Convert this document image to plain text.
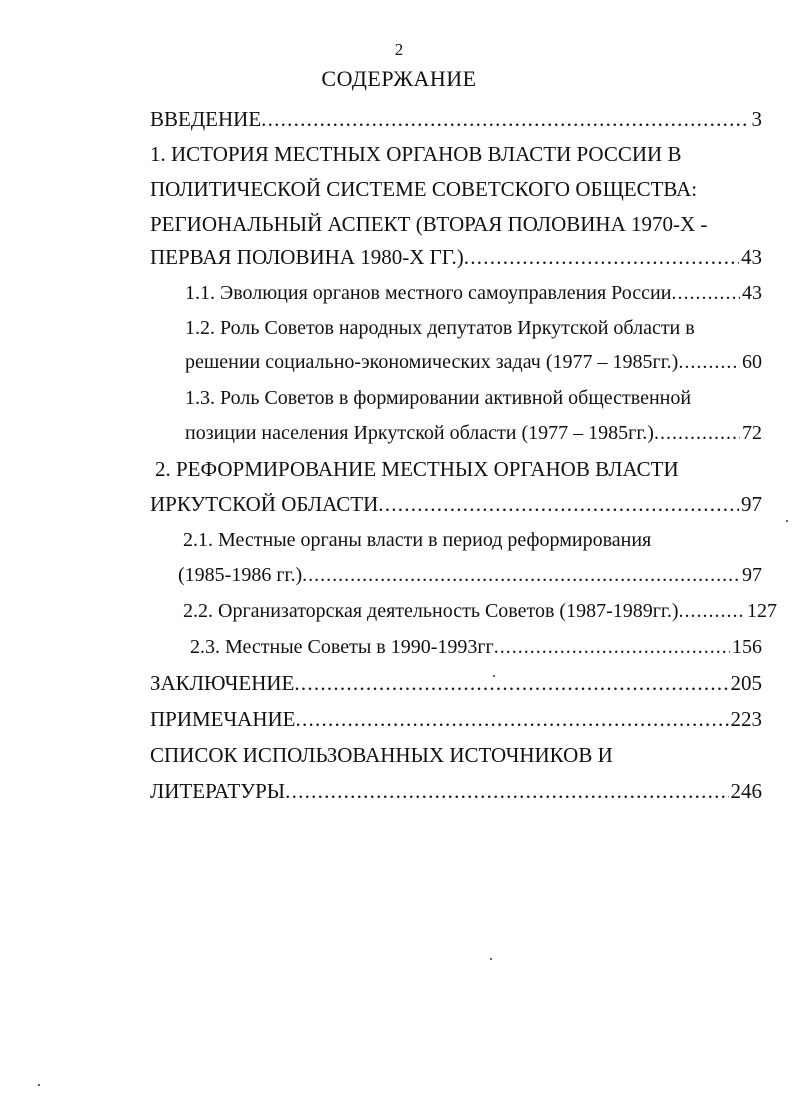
2
СОДЕРЖАНИЕ
ВВЕДЕНИЕ . . .	3
1. ИСТОРИЯ МЕСТНЫХ ОРГАНОВ ВЛАСТИ РОССИИ В
ПОЛИТИЧЕСКОЙ СИСТЕМЕ СОВЕТСКОГО ОБЩЕСТВА:
РЕГИОНАЛЬНЫЙ АСПЕКТ (ВТОРАЯ ПОЛОВИНА 1970-Х -
ПЕРВАЯ ПОЛОВИНА 1980-Х ГГ.) . . .	43
1.1. Эволюция органов местного самоуправления России . . .	43
1.2. Роль Советов народных депутатов Иркутской области в
решении социально-экономических задач (1977 – 1985гг.) . . .	60
1.3. Роль Советов в формировании активной общественной
позиции населения Иркутской области (1977 – 1985гг.) . . .	72
2. РЕФОРМИРОВАНИЕ МЕСТНЫХ ОРГАНОВ ВЛАСТИ
ИРКУТСКОЙ ОБЛАСТИ . . .	97
2.1. Местные органы власти в период реформирования
(1985-1986 гг.) . . .	97
2.2. Организаторская деятельность Советов (1987-1989гг.) . . .	127
2.3. Местные Советы в 1990-1993гг . . .	156
ЗАКЛЮЧЕНИЕ . . .	205
ПРИМЕЧАНИЕ . . .	223
СПИСОК ИСПОЛЬЗОВАННЫХ ИСТОЧНИКОВ И
ЛИТЕРАТУРЫ . . .	246
